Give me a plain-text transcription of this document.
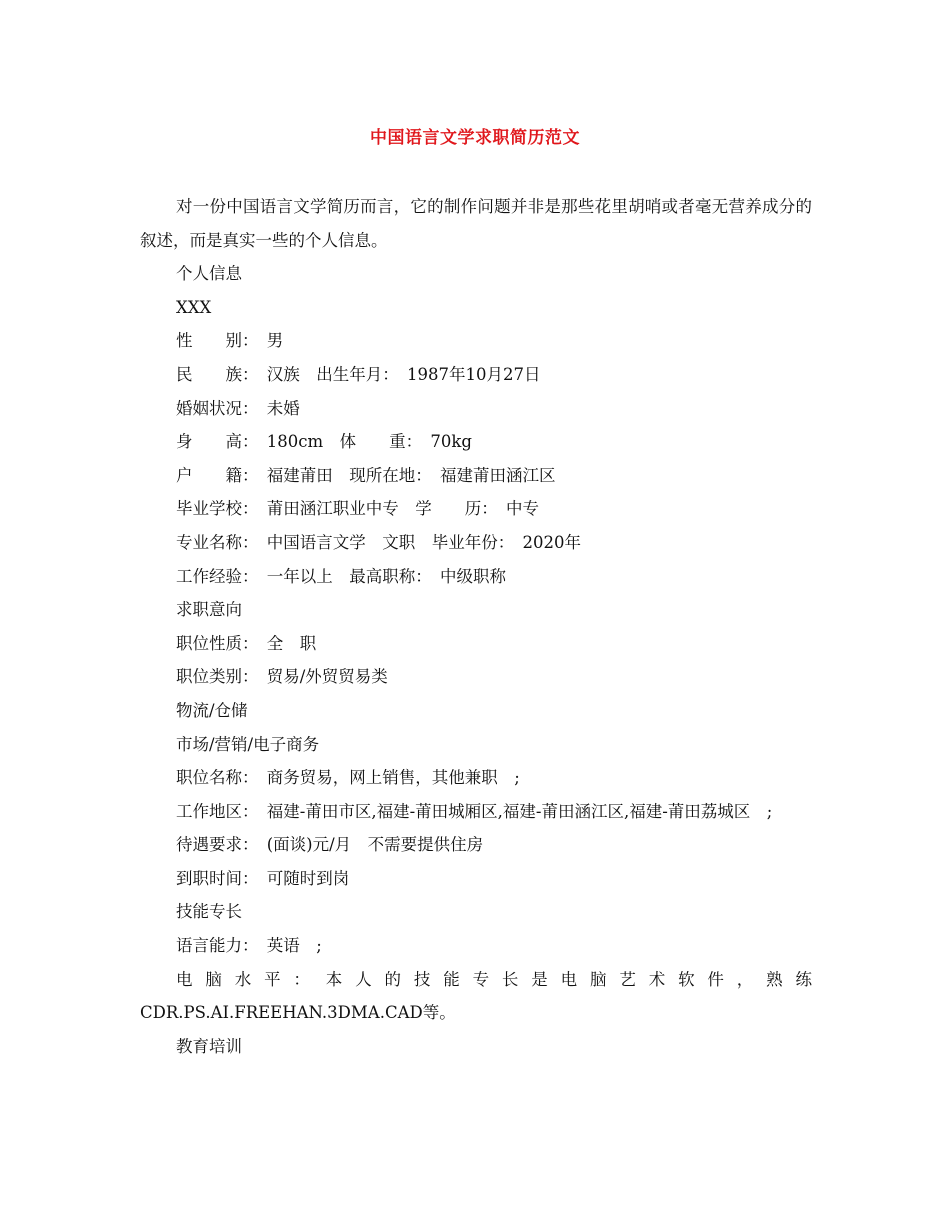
中国语言文学求职简历范文

对一份中国语言文学简历而言，它的制作问题并非是那些花里胡哨或者毫无营养成分的叙述，而是真实一些的个人信息。

个人信息

XXX

性　　别：　男

民　　族：　汉族　出生年月：　1987年10月27日

婚姻状况：　未婚

身　　高：　180cm　体　　重：　70kg

户　　籍：　福建莆田　现所在地：　福建莆田涵江区

毕业学校：　莆田涵江职业中专　学　　历：　中专

专业名称：　中国语言文学　文职　毕业年份：　2020年

工作经验：　一年以上　最高职称：　中级职称

求职意向

职位性质：　全　职

职位类别：　贸易/外贸贸易类

物流/仓储

市场/营销/电子商务

职位名称：　商务贸易，网上销售，其他兼职　;

工作地区：　福建-莆田市区,福建-莆田城厢区,福建-莆田涵江区,福建-莆田荔城区　;

待遇要求：　(面谈)元/月　不需要提供住房

到职时间：　可随时到岗

技能专长

语言能力：　英语　;

电 脑 水 平 ：　本 人 的 技 能 专 长 是 电 脑 艺 术 软 件 ， 熟 练 CDR.PS.AI.FREEHAN.3DMA.CAD等。

教育培训
